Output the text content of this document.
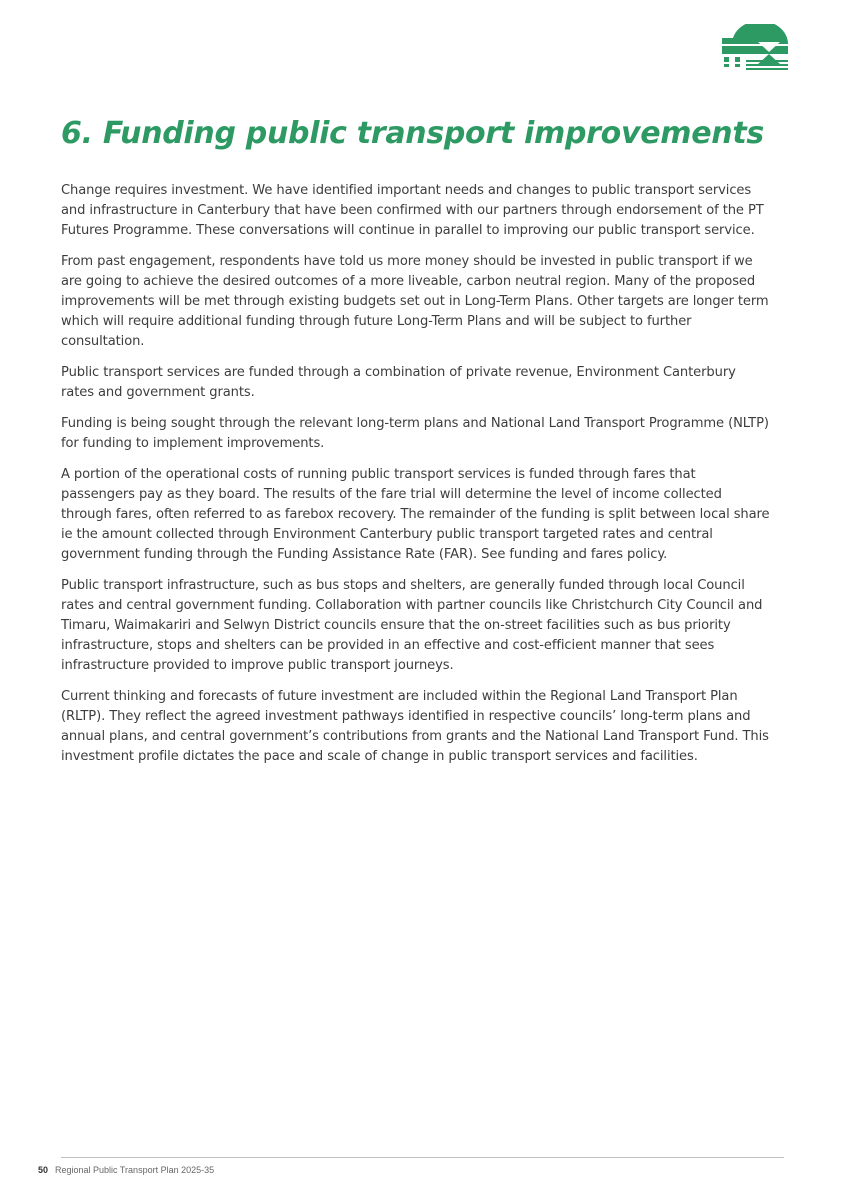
6. Funding public transport improvements

Change requires investment. We have identified important needs and changes to public transport services and infrastructure in Canterbury that have been confirmed with our partners through endorsement of the PT Futures Programme. These conversations will continue in parallel to improving our public transport service.

From past engagement, respondents have told us more money should be invested in public transport if we are going to achieve the desired outcomes of a more liveable, carbon neutral region. Many of the proposed improvements will be met through existing budgets set out in Long-Term Plans. Other targets are longer term which will require additional funding through future Long-Term Plans and will be subject to further consultation.

Public transport services are funded through a combination of private revenue, Environment Canterbury rates and government grants.

Funding is being sought through the relevant long-term plans and National Land Transport Programme (NLTP) for funding to implement improvements.

A portion of the operational costs of running public transport services is funded through fares that passengers pay as they board. The results of the fare trial will determine the level of income collected through fares, often referred to as farebox recovery. The remainder of the funding is split between local share ie the amount collected through Environment Canterbury public transport targeted rates and central government funding through the Funding Assistance Rate (FAR). See funding and fares policy.

Public transport infrastructure, such as bus stops and shelters, are generally funded through local Council rates and central government funding. Collaboration with partner councils like Christchurch City Council and Timaru, Waimakariri and Selwyn District councils ensure that the on-street facilities such as bus priority infrastructure, stops and shelters can be provided in an effective and cost-efficient manner that sees infrastructure provided to improve public transport journeys.

Current thinking and forecasts of future investment are included within the Regional Land Transport Plan (RLTP). They reflect the agreed investment pathways identified in respective councils’ long-term plans and annual plans, and central government’s contributions from grants and the National Land Transport Fund. This investment profile dictates the pace and scale of change in public transport services and facilities.

50 Regional Public Transport Plan 2025-35
